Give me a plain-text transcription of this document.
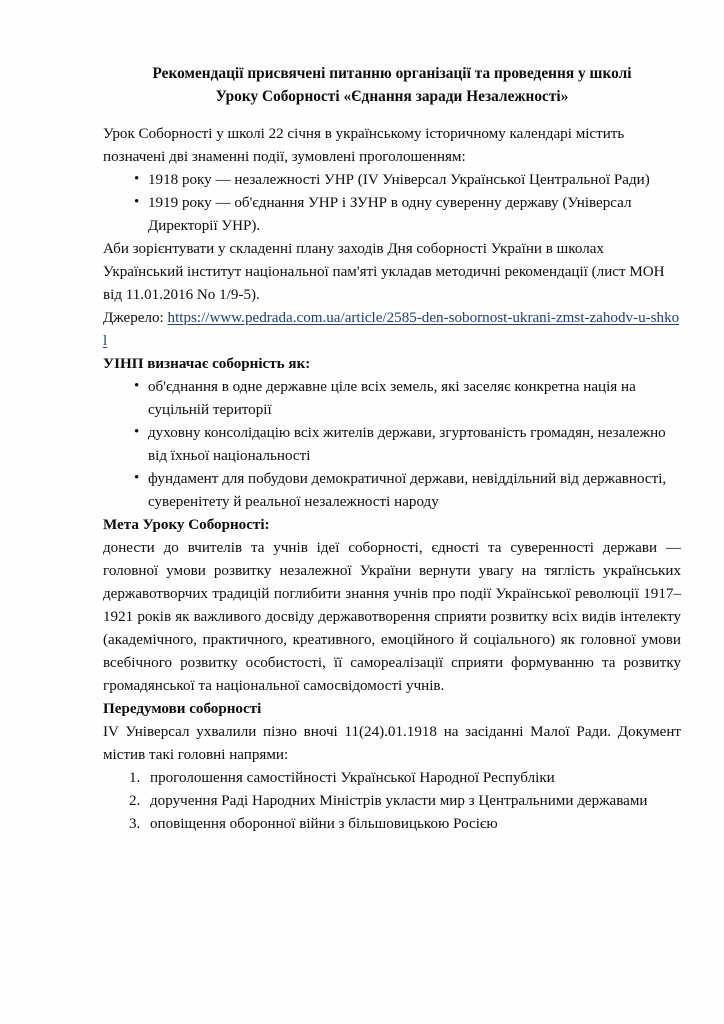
Рекомендації присвячені питанню організації та проведення у школі
Уроку Соборності «Єднання заради Незалежності»

Урок Соборності у школі 22 січня в українському історичному календарі містить позначені дві знаменні події, зумовлені проголошенням:

• 1918 року — незалежності УНР (IV Універсал Української Центральної Ради)
• 1919 року — об'єднання УНР і ЗУНР в одну суверенну державу (Універсал Директорії УНР).

Аби зорієнтувати у складенні плану заходів Дня соборності України в школах Український інститут національної пам'яті укладав методичні рекомендації (лист МОН від 11.01.2016 No 1/9-5).

Джерело: https://www.pedrada.com.ua/article/2585-den-sobornost-ukrani-zmst-zahodv-u-shkol

УІНП визначає соборність як:

• об'єднання в одне державне ціле всіх земель, які заселяє конкретна нація на суцільній території
• духовну консолідацію всіх жителів держави, згуртованість громадян, незалежно від їхньої національності
• фундамент для побудови демократичної держави, невіддільний від державності, суверенітету й реальної незалежності народу

Мета Уроку Соборності:

донести до вчителів та учнів ідеї соборності, єдності та суверенності держави — головної умови розвитку незалежної України вернути увагу на тяглість українських державотворчих традицій поглибити знання учнів про події Української революції 1917–1921 років як важливого досвіду державотворення сприяти розвитку всіх видів інтелекту (академічного, практичного, креативного, емоційного й соціального) як головної умови всебічного розвитку особистості, її самореалізації сприяти формуванню та розвитку громадянської та національної самосвідомості учнів.

Передумови соборності

IV Універсал ухвалили пізно вночі 11(24).01.1918 на засіданні Малої Ради. Документ містив такі головні напрями:

проголошення самостійності Української Народної Республіки
доручення Раді Народних Міністрів укласти мир з Центральними державами
оповіщення оборонної війни з більшовицькою Росією
